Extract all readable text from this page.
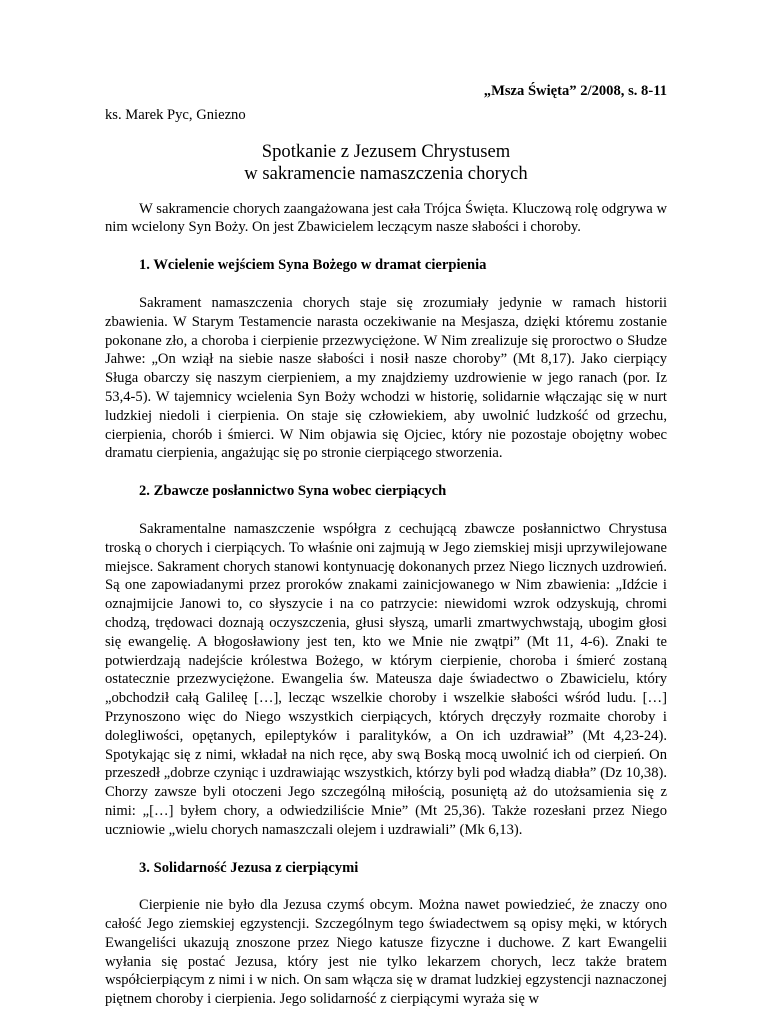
„Msza Święta” 2/2008, s. 8-11

ks. Marek Pyc, Gniezno

Spotkanie z Jezusem Chrystusem
w sakramencie namaszczenia chorych

W sakramencie chorych zaangażowana jest cała Trójca Święta. Kluczową rolę odgrywa w nim wcielony Syn Boży. On jest Zbawicielem leczącym nasze słabości i choroby.

1. Wcielenie wejściem Syna Bożego w dramat cierpienia

Sakrament namaszczenia chorych staje się zrozumiały jedynie w ramach historii zbawienia. W Starym Testamencie narasta oczekiwanie na Mesjasza, dzięki któremu zostanie pokonane zło, a choroba i cierpienie przezwyciężone. W Nim zrealizuje się proroctwo o Słudze Jahwe: „On wziął na siebie nasze słabości i nosił nasze choroby” (Mt 8,17). Jako cierpiący Sługa obarczy się naszym cierpieniem, a my znajdziemy uzdrowienie w jego ranach (por. Iz 53,4-5). W tajemnicy wcielenia Syn Boży wchodzi w historię, solidarnie włączając się w nurt ludzkiej niedoli i cierpienia. On staje się człowiekiem, aby uwolnić ludzkość od grzechu, cierpienia, chorób i śmierci. W Nim objawia się Ojciec, który nie pozostaje obojętny wobec dramatu cierpienia, angażując się po stronie cierpiącego stworzenia.

2. Zbawcze posłannictwo Syna wobec cierpiących

Sakramentalne namaszczenie współgra z cechującą zbawcze posłannictwo Chrystusa troską o chorych i cierpiących. To właśnie oni zajmują w Jego ziemskiej misji uprzywilejowane miejsce. Sakrament chorych stanowi kontynuację dokonanych przez Niego licznych uzdrowień. Są one zapowiadanymi przez proroków znakami zainicjowanego w Nim zbawienia: „Idźcie i oznajmijcie Janowi to, co słyszycie i na co patrzycie: niewidomi wzrok odzyskują, chromi chodzą, trędowaci doznają oczyszczenia, głusi słyszą, umarli zmartwychwstają, ubogim głosi się ewangelię. A błogosławiony jest ten, kto we Mnie nie zwątpi” (Mt 11, 4-6). Znaki te potwierdzają nadejście królestwa Bożego, w którym cierpienie, choroba i śmierć zostaną ostatecznie przezwyciężone. Ewangelia św. Mateusza daje świadectwo o Zbawicielu, który „obchodził całą Galileę […], lecząc wszelkie choroby i wszelkie słabości wśród ludu. […] Przynoszono więc do Niego wszystkich cierpiących, których dręczyły rozmaite choroby i dolegliwości, opętanych, epileptyków i paralityków, a On ich uzdrawiał” (Mt 4,23-24). Spotykając się z nimi, wkładał na nich ręce, aby swą Boską mocą uwolnić ich od cierpień. On przeszedł „dobrze czyniąc i uzdrawiając wszystkich, którzy byli pod władzą diabła” (Dz 10,38). Chorzy zawsze byli otoczeni Jego szczególną miłością, posuniętą aż do utożsamienia się z nimi: „[…] byłem chory, a odwiedziliście Mnie” (Mt 25,36). Także rozesłani przez Niego uczniowie „wielu chorych namaszczali olejem i uzdrawiali” (Mk 6,13).

3. Solidarność Jezusa z cierpiącymi

Cierpienie nie było dla Jezusa czymś obcym. Można nawet powiedzieć, że znaczy ono całość Jego ziemskiej egzystencji. Szczególnym tego świadectwem są opisy męki, w których Ewangeliści ukazują znoszone przez Niego katusze fizyczne i duchowe. Z kart Ewangelii wyłania się postać Jezusa, który jest nie tylko lekarzem chorych, lecz także bratem współcierpiącym z nimi i w nich. On sam włącza się w dramat ludzkiej egzystencji naznaczonej piętnem choroby i cierpienia. Jego solidarność z cierpiącymi wyraża się w
